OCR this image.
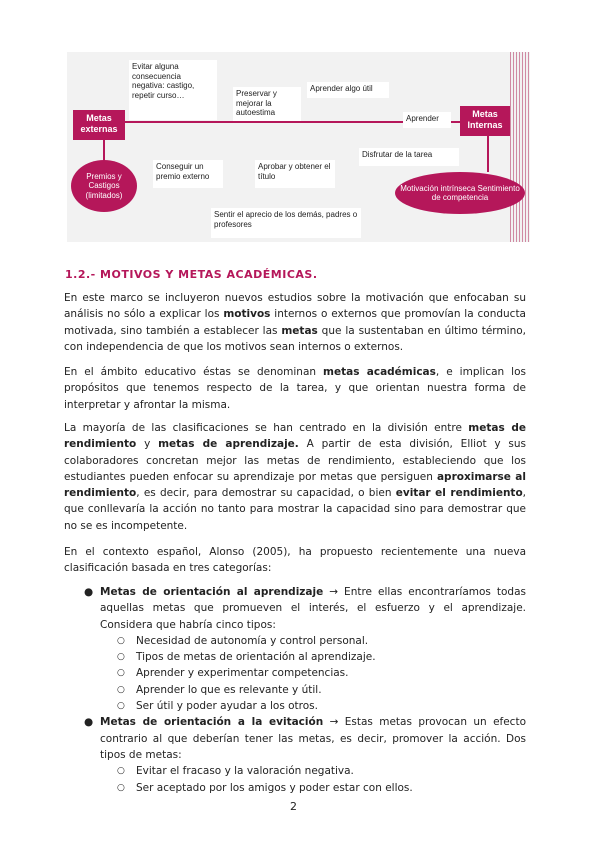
Metas externas
Metas Internas
Premios y Castigos (limitados)
Motivación intrínseca Sentimiento de competencia
Evitar alguna consecuencia negativa: castigo, repetir curso…	Preservar y mejorar la autoestima
Aprender algo útil
Aprender
Conseguir un premio externo
Aprobar y obtener el título
Disfrutar de la tarea
Sentir el aprecio de los demás, padres o profesores
1.2.- MOTIVOS Y METAS ACADÉMICAS.

En este marco se incluyeron nuevos estudios sobre la motivación que enfocaban su análisis no sólo a explicar los motivos internos o externos que promovían la conducta motivada, sino también a establecer las metas que la sustentaban en último término, con independencia de que los motivos sean internos o externos.

En el ámbito educativo éstas se denominan metas académicas, e implican los propósitos que tenemos respecto de la tarea, y que orientan nuestra forma de interpretar y afrontar la misma.

La mayoría de las clasificaciones se han centrado en la división entre metas de rendimiento y metas de aprendizaje. A partir de esta división, Elliot y sus colaboradores concretan mejor las metas de rendimiento, estableciendo que los estudiantes pueden enfocar su aprendizaje por metas que persiguen aproximarse al rendimiento, es decir, para demostrar su capacidad, o bien evitar el rendimiento, que conllevaría la acción no tanto para mostrar la capacidad sino para demostrar que no se es incompetente.

En el contexto español, Alonso (2005), ha propuesto recientemente una nueva clasificación basada en tres categorías:

● Metas de orientación al aprendizaje → Entre ellas encontraríamos todas aquellas metas que promueven el interés, el esfuerzo y el aprendizaje. Considera que habría cinco tipos:
○ Necesidad de autonomía y control personal.
○ Tipos de metas de orientación al aprendizaje.
○ Aprender y experimentar competencias.
○ Aprender lo que es relevante y útil.
○ Ser útil y poder ayudar a los otros.
● Metas de orientación a la evitación → Estas metas provocan un efecto contrario al que deberían tener las metas, es decir, promover la acción. Dos tipos de metas:
○ Evitar el fracaso y la valoración negativa.
○ Ser aceptado por los amigos y poder estar con ellos.
2
